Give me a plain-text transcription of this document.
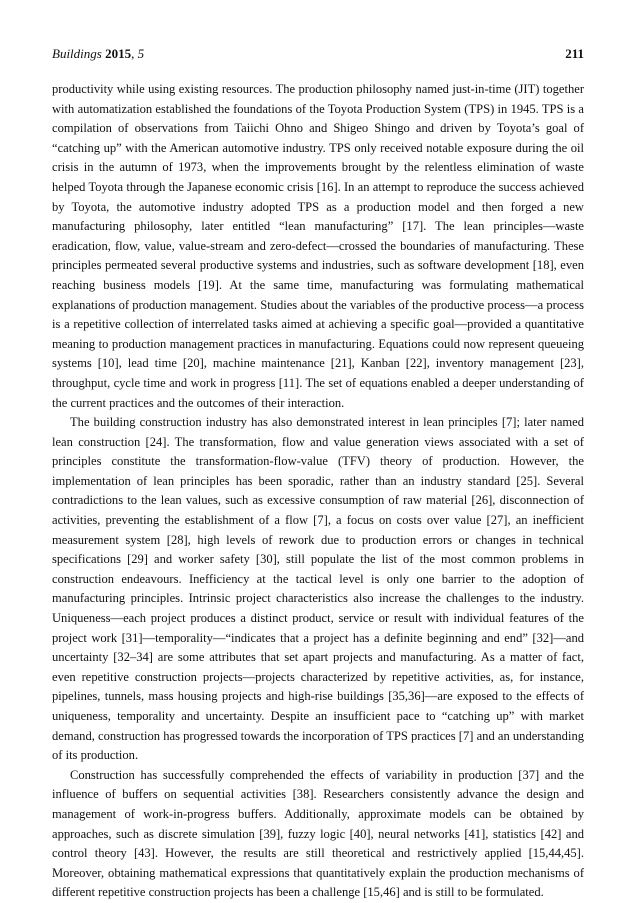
Buildings 2015, 5	211

productivity while using existing resources. The production philosophy named just-in-time (JIT) together with automatization established the foundations of the Toyota Production System (TPS) in 1945. TPS is a compilation of observations from Taiichi Ohno and Shigeo Shingo and driven by Toyota’s goal of “catching up” with the American automotive industry. TPS only received notable exposure during the oil crisis in the autumn of 1973, when the improvements brought by the relentless elimination of waste helped Toyota through the Japanese economic crisis [16]. In an attempt to reproduce the success achieved by Toyota, the automotive industry adopted TPS as a production model and then forged a new manufacturing philosophy, later entitled “lean manufacturing” [17]. The lean principles—waste eradication, flow, value, value-stream and zero-defect—crossed the boundaries of manufacturing. These principles permeated several productive systems and industries, such as software development [18], even reaching business models [19]. At the same time, manufacturing was formulating mathematical explanations of production management. Studies about the variables of the productive process—a process is a repetitive collection of interrelated tasks aimed at achieving a specific goal—provided a quantitative meaning to production management practices in manufacturing. Equations could now represent queueing systems [10], lead time [20], machine maintenance [21], Kanban [22], inventory management [23], throughput, cycle time and work in progress [11]. The set of equations enabled a deeper understanding of the current practices and the outcomes of their interaction.

The building construction industry has also demonstrated interest in lean principles [7]; later named lean construction [24]. The transformation, flow and value generation views associated with a set of principles constitute the transformation-flow-value (TFV) theory of production. However, the implementation of lean principles has been sporadic, rather than an industry standard [25]. Several contradictions to the lean values, such as excessive consumption of raw material [26], disconnection of activities, preventing the establishment of a flow [7], a focus on costs over value [27], an inefficient measurement system [28], high levels of rework due to production errors or changes in technical specifications [29] and worker safety [30], still populate the list of the most common problems in construction endeavours. Inefficiency at the tactical level is only one barrier to the adoption of manufacturing principles. Intrinsic project characteristics also increase the challenges to the industry. Uniqueness—each project produces a distinct product, service or result with individual features of the project work [31]—temporality—“indicates that a project has a definite beginning and end” [32]—and uncertainty [32–34] are some attributes that set apart projects and manufacturing. As a matter of fact, even repetitive construction projects—projects characterized by repetitive activities, as, for instance, pipelines, tunnels, mass housing projects and high-rise buildings [35,36]—are exposed to the effects of uniqueness, temporality and uncertainty. Despite an insufficient pace to “catching up” with market demand, construction has progressed towards the incorporation of TPS practices [7] and an understanding of its production.

Construction has successfully comprehended the effects of variability in production [37] and the influence of buffers on sequential activities [38]. Researchers consistently advance the design and management of work-in-progress buffers. Additionally, approximate models can be obtained by approaches, such as discrete simulation [39], fuzzy logic [40], neural networks [41], statistics [42] and control theory [43]. However, the results are still theoretical and restrictively applied [15,44,45]. Moreover, obtaining mathematical expressions that quantitatively explain the production mechanisms of different repetitive construction projects has been a challenge [15,46] and is still to be formulated.
